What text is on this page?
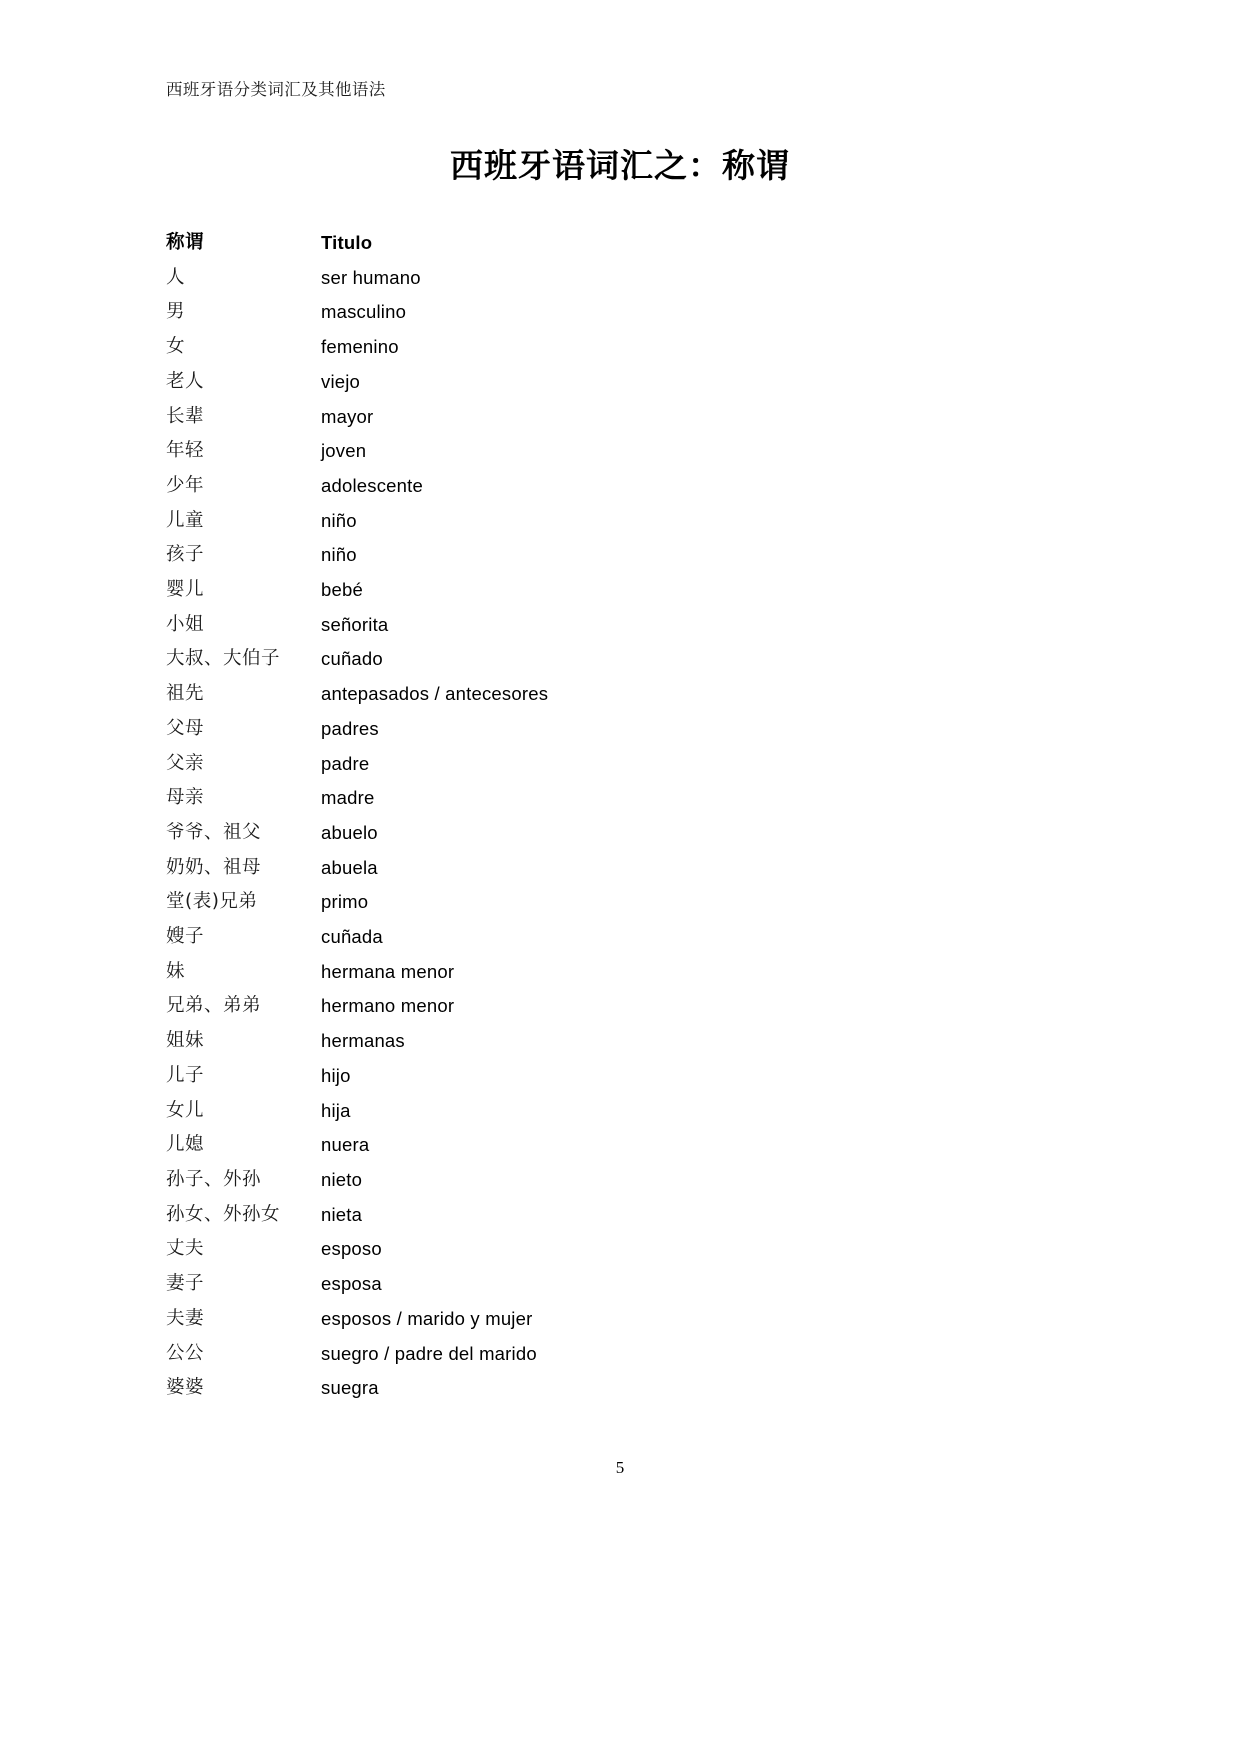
西班牙语分类词汇及其他语法
西班牙语词汇之：称谓
称谓	Titulo
人	ser humano
男	masculino
女	femenino
老人	viejo
长辈	mayor
年轻	joven
少年	adolescente
儿童	niño
孩子	niño
婴儿	bebé
小姐	señorita
大叔、大伯子	cuñado
祖先	antepasados / antecesores
父母	padres
父亲	padre
母亲	madre
爷爷、祖父	abuelo
奶奶、祖母	abuela
堂(表)兄弟	primo
嫂子	cuñada
妹	hermana menor
兄弟、弟弟	hermano menor
姐妹	hermanas
儿子	hijo
女儿	hija
儿媳	nuera
孙子、外孙	nieto
孙女、外孙女	nieta
丈夫	esposo
妻子	esposa
夫妻	esposos / marido y mujer
公公	suegro / padre del marido
婆婆	suegra
5
